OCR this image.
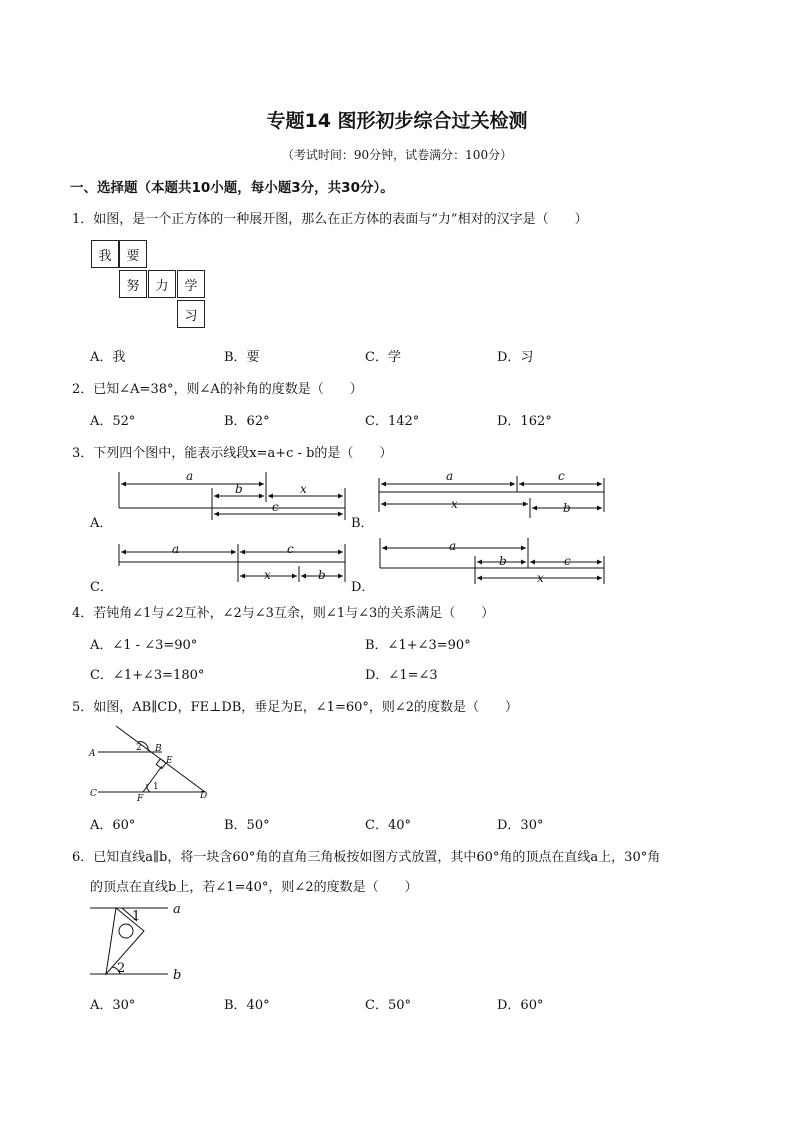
专题14 图形初步综合过关检测
（考试时间：90分钟，试卷满分：100分）
一、选择题（本题共10小题，每小题3分，共30分）。
1．如图，是一个正方体的一种展开图，那么在正方体的表面与“力”相对的汉字是（　　）
我	要
努	力	学
习
A．我	B．要	C．学	D．习
2．已知∠A=38°，则∠A的补角的度数是（　　）
A．52°	B．62°	C．142°	D．162°
3．下列四个图中，能表示线段x=a+c - b的是（　　）
A．
a
b	x
c
a	c
x	b
a	c
x	b
a
b	c
x
A	B
C	D
E
F
1
2
a
b
1
2
B．
C．	D．
4．若钝角∠1与∠2互补，∠2与∠3互余，则∠1与∠3的关系满足（　　）
A．∠1 - ∠3=90°	B．∠1+∠3=90°
C．∠1+∠3=180°	D．∠1=∠3
5．如图，AB∥CD，FE⊥DB，垂足为E，∠1=60°，则∠2的度数是（　　）
A．60°	B．50°	C．40°	D．30°
6．已知直线a∥b，将一块含60°角的直角三角板按如图方式放置，其中60°角的顶点在直线a上，30°角
的顶点在直线b上，若∠1=40°，则∠2的度数是（　　）
A．30°	B．40°	C．50°	D．60°
